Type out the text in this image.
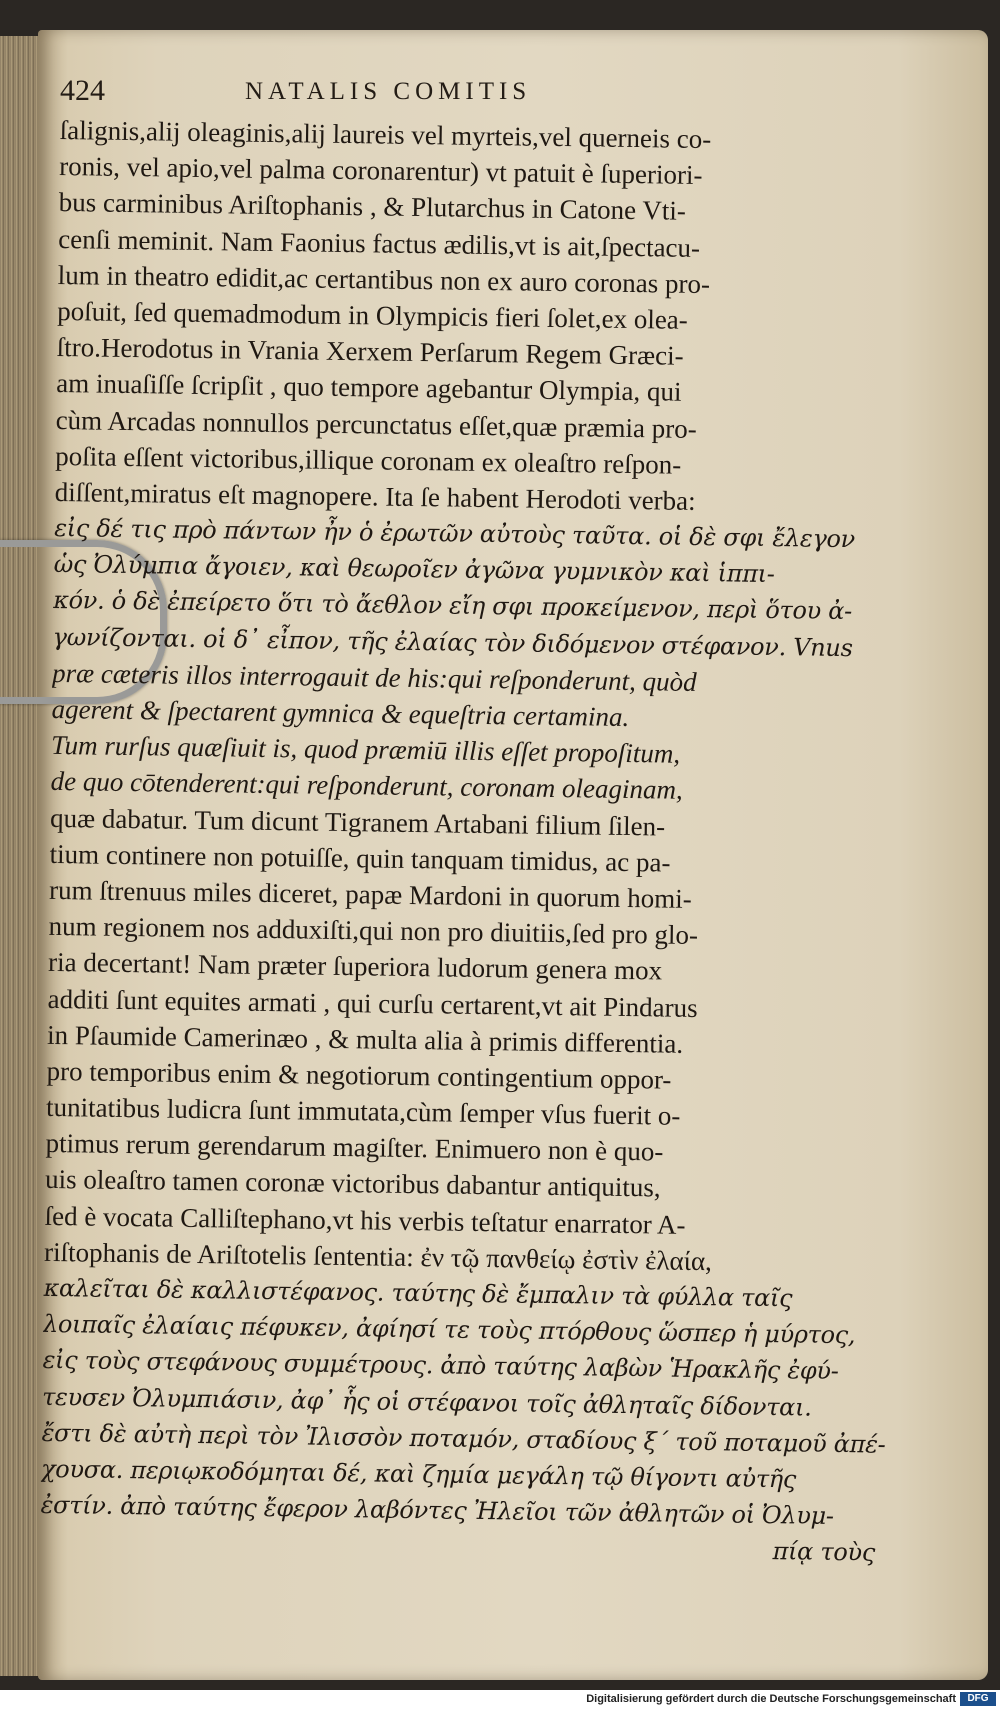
424	NATALIS COMITIS
ſalignis,alij oleaginis,alij laureis vel myrteis,vel querneis co-
ronis, vel apio,vel palma coronarentur) vt patuit è ſuperiori-
bus carminibus Ariſtophanis , & Plutarchus in Catone Vti-
cenſi meminit. Nam Faonius factus ædilis,vt is ait,ſpectacu-
lum in theatro edidit,ac certantibus non ex auro coronas pro-
poſuit, ſed quemadmodum in Olympicis fieri ſolet,ex olea-
ſtro.Herodotus in Vrania Xerxem Perſarum Regem Græci-
am inuaſiſſe ſcripſit , quo tempore agebantur Olympia, qui
cùm Arcadas nonnullos percunctatus eſſet,quæ præmia pro-
poſita eſſent victoribus,illique coronam ex oleaſtro reſpon-
diſſent,miratus eſt magnopere. Ita ſe habent Herodoti verba:
εἰς δέ τις πρὸ πάντων ἦν ὁ ἐρωτῶν αὐτοὺς ταῦτα. οἱ δὲ σφι ἔλεγον
ὡς Ὀλύμπια ἄγοιεν, καὶ θεωροῖεν ἀγῶνα γυμνικὸν καὶ ἱππι-
κόν. ὁ δὲ ἐπείρετο ὅτι τὸ ἄεθλον εἴη σφι προκείμενον, περὶ ὅτου ἀ-
γωνίζονται. οἱ δ᾽ εἶπον, τῆς ἐλαίας τὸν διδόμενον στέφανον. Vnus
præ cæteris illos interrogauit de his:qui reſponderunt, quòd
agerent & ſpectarent gymnica & equeſtria certamina.
Tum rurſus quæſiuit is, quod præmiū illis eſſet propoſitum,
de quo cōtenderent:qui reſponderunt, coronam oleaginam,
quæ dabatur. Tum dicunt Tigranem Artabani filium ſilen-
tium continere non potuiſſe, quin tanquam timidus, ac pa-
rum ſtrenuus miles diceret, papæ Mardoni in quorum homi-
num regionem nos adduxiſti,qui non pro diuitiis,ſed pro glo-
ria decertant! Nam præter ſuperiora ludorum genera mox
additi ſunt equites armati , qui curſu certarent,vt ait Pindarus
in Pſaumide Camerinæo , & multa alia à primis differentia.
pro temporibus enim & negotiorum contingentium oppor-
tunitatibus ludicra ſunt immutata,cùm ſemper vſus fuerit o-
ptimus rerum gerendarum magiſter. Enimuero non è quo-
uis oleaſtro tamen coronæ victoribus dabantur antiquitus,
ſed è vocata Calliſtephano,vt his verbis teſtatur enarrator A-
riſtophanis de Ariſtotelis ſententia: ἐν τῷ πανθείῳ ἐστὶν ἐλαία,
καλεῖται δὲ καλλιστέφανος. ταύτης δὲ ἔμπαλιν τὰ φύλλα ταῖς
λοιπαῖς ἐλαίαις πέφυκεν, ἀφίησί τε τοὺς πτόρθους ὥσπερ ἡ μύρτος,
εἰς τοὺς στεφάνους συμμέτρους. ἀπὸ ταύτης λαβὼν Ἡρακλῆς ἐφύ-
τευσεν Ὀλυμπιάσιν, ἀφ᾽ ἧς οἱ στέφανοι τοῖς ἀθληταῖς δίδονται.
ἔστι δὲ αὐτὴ περὶ τὸν Ἰλισσὸν ποταμόν, σταδίους ξ΄ τοῦ ποταμοῦ ἀπέ-
χουσα. περιῳκοδόμηται δέ, καὶ ζημία μεγάλη τῷ θίγοντι αὐτῆς
ἐστίν. ἀπὸ ταύτης ἔφερον λαβόντες Ἠλεῖοι τῶν ἀθλητῶν οἱ Ὀλυμ-
πίᾳ τοὺς
Digitalisierung gefördert durch die Deutsche Forschungsgemeinschaft	DFG
